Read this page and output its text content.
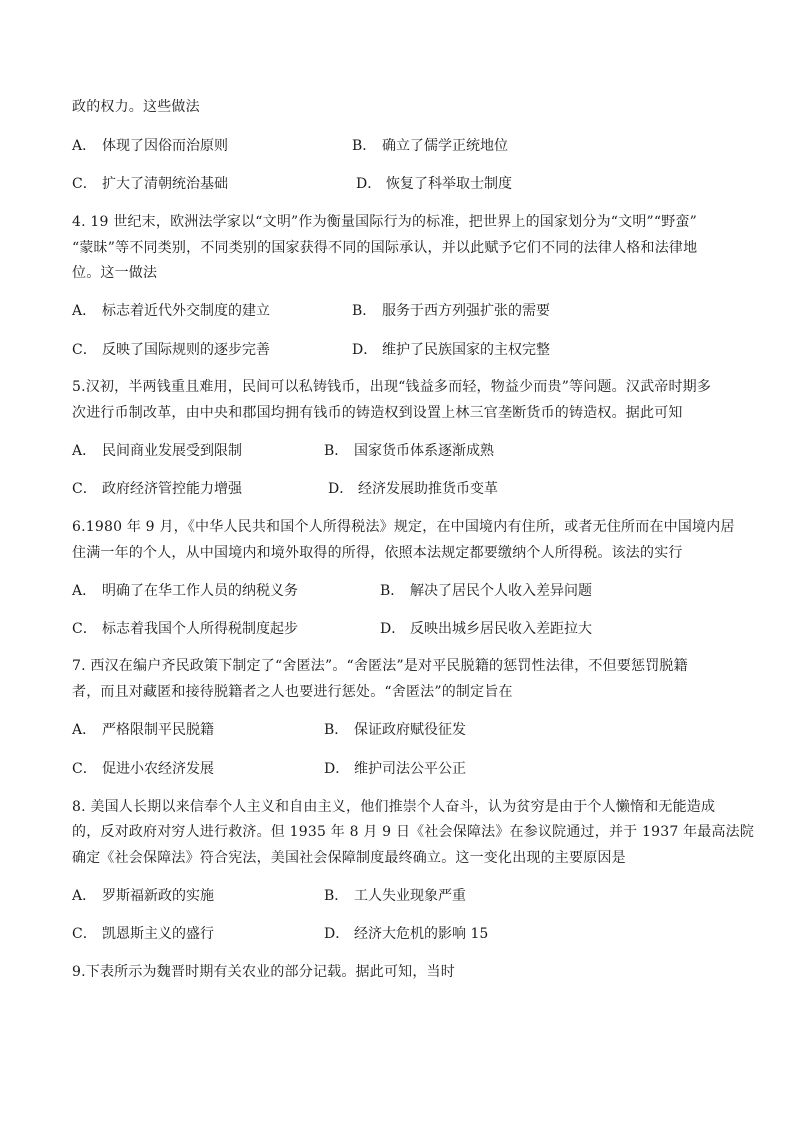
政的权力。这些做法
A． 体现了因俗而治原则	B． 确立了儒学正统地位
C． 扩大了清朝统治基础	D． 恢复了科举取士制度
4. 19 世纪末，欧洲法学家以“文明”作为衡量国际行为的标准，把世界上的国家划分为“文明”“野蛮”
“蒙昧”等不同类别，不同类别的国家获得不同的国际承认，并以此赋予它们不同的法律人格和法律地
位。这一做法
A． 标志着近代外交制度的建立	B． 服务于西方列强扩张的需要
C． 反映了国际规则的逐步完善	D． 维护了民族国家的主权完整
5.汉初，半两钱重且难用，民间可以私铸钱币，出现“钱益多而轻，物益少而贵”等问题。汉武帝时期多
次进行币制改革，由中央和郡国均拥有钱币的铸造权到设置上林三官垄断货币的铸造权。据此可知
A． 民间商业发展受到限制	B． 国家货币体系逐渐成熟
C． 政府经济管控能力增强	D． 经济发展助推货币变革
6.1980 年 9 月，《中华人民共和国个人所得税法》规定，在中国境内有住所，或者无住所而在中国境内居
住满一年的个人，从中国境内和境外取得的所得，依照本法规定都要缴纳个人所得税。该法的实行
A． 明确了在华工作人员的纳税义务	B． 解决了居民个人收入差异问题
C． 标志着我国个人所得税制度起步	D． 反映出城乡居民收入差距拉大
7. 西汉在编户齐民政策下制定了“舍匿法”。“舍匿法”是对平民脱籍的惩罚性法律，不但要惩罚脱籍
者，而且对藏匿和接待脱籍者之人也要进行惩处。“舍匿法”的制定旨在
A． 严格限制平民脱籍	B． 保证政府赋役征发
C． 促进小农经济发展	D． 维护司法公平公正
8. 美国人长期以来信奉个人主义和自由主义，他们推崇个人奋斗，认为贫穷是由于个人懒惰和无能造成
的，反对政府对穷人进行救济。但 1935 年 8 月 9 日《社会保障法》在参议院通过，并于 1937 年最高法院
确定《社会保障法》符合宪法，美国社会保障制度最终确立。这一变化出现的主要原因是
A． 罗斯福新政的实施	B． 工人失业现象严重
C． 凯恩斯主义的盛行	D． 经济大危机的影响 15
9.下表所示为魏晋时期有关农业的部分记载。据此可知，当时
